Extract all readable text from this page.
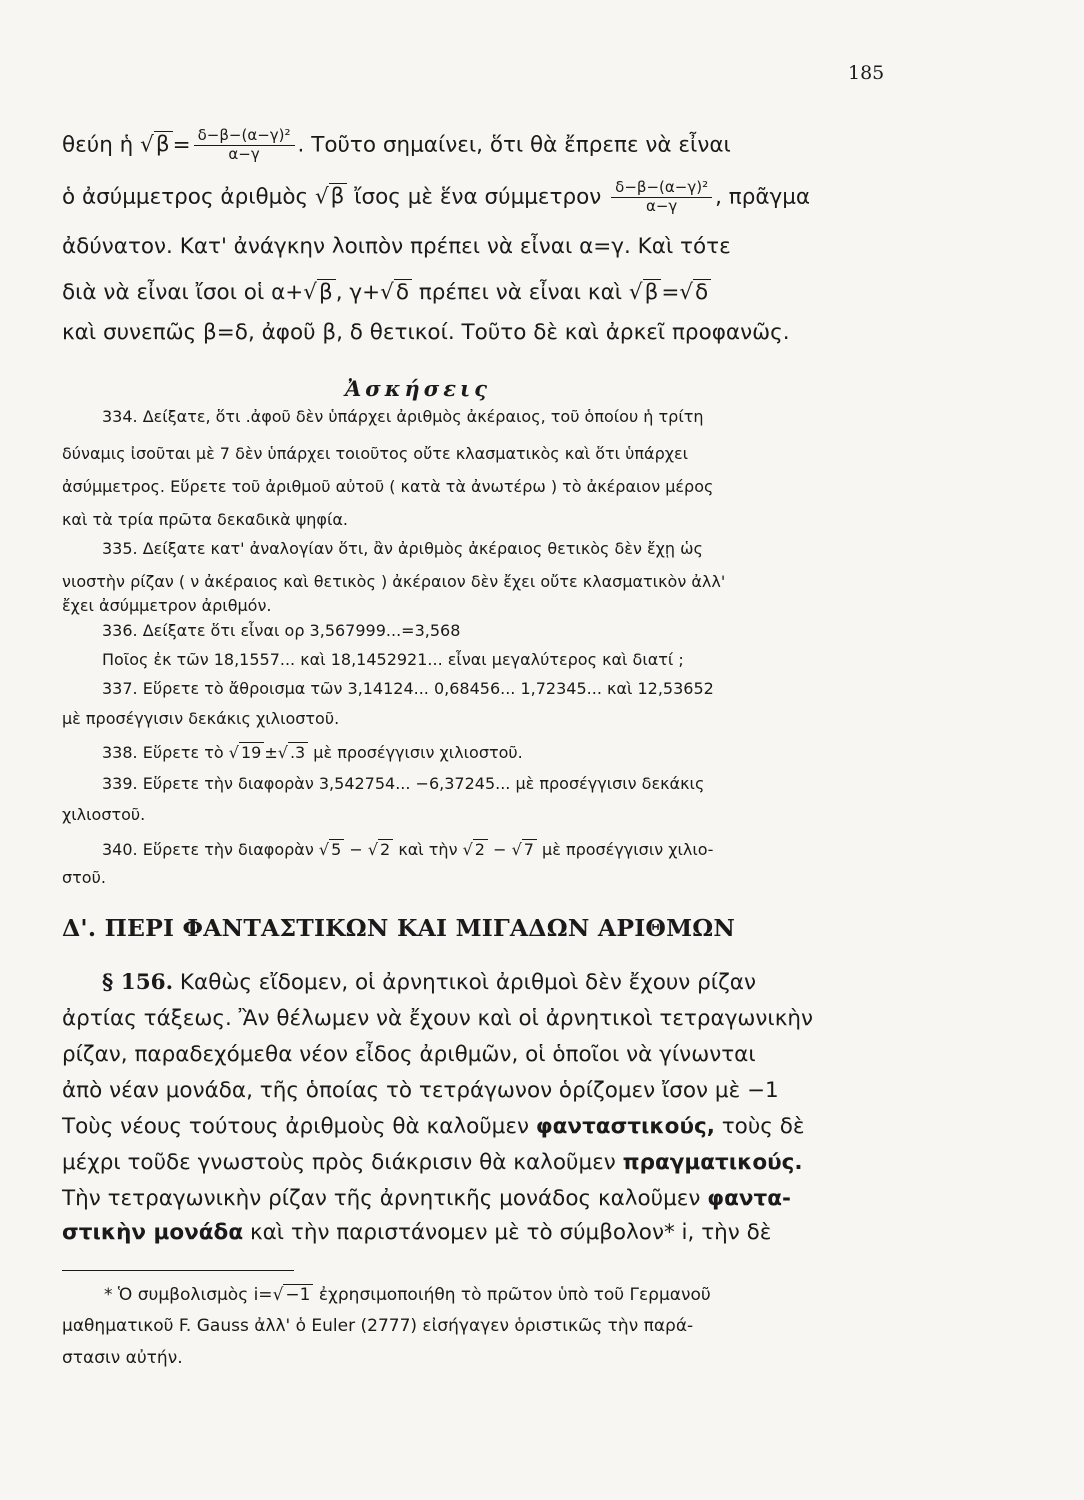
185
θεύη ἡ $√\beta = \frac{\text{δ−β−(α−γ)²}}{\alpha-\gamma}$ . Τοῦτο σημαίνει, ὅτι θὰ ἔπρεπε νὰ εἶναι
ὁ ἀσύμμετρος ἀριθμὸς √β ἴσος μὲ ἕνα σύμμετρον $\frac{\text{δ−β−(α−γ)²}}{\alpha-\gamma}$ , πρᾶγμα
ἀδύνατον. Κατ' ἀνάγκην λοιπὸν πρέπει νὰ εἶναι α=γ. Καὶ τότε
διὰ νὰ εἶναι ἴσοι οἱ α+√β , γ+√δ πρέπει νὰ εἶναι καὶ √β =√δ
καὶ συνεπῶς β=δ, ἀφοῦ β, δ θετικοί. Τοῦτο δὲ καὶ ἀρκεῖ προφανῶς.
Ἀσκήσεις
334. Δείξατε, ὅτι .ἀφοῦ δὲν ὑπάρχει ἀριθμὸς ἀκέραιος, τοῦ ὁποίου ἡ τρίτη
δύναμις ἰσοῦται μὲ 7 δὲν ὑπάρχει τοιοῦτος οὔτε κλασματικὸς καὶ ὅτι ὑπάρχει
ἀσύμμετρος. Εὕρετε τοῦ ἀριθμοῦ αὐτοῦ ( κατὰ τὰ ἀνωτέρω ) τὸ ἀκέραιον μέρος
καὶ τὰ τρία πρῶτα δεκαδικὰ ψηφία.
335. Δείξατε κατ' ἀναλογίαν ὅτι, ἂν ἀριθμὸς ἀκέραιος θετικὸς δὲν ἔχῃ ὡς
νιοστὴν ρίζαν ( ν ἀκέραιος καὶ θετικὸς ) ἀκέραιον δὲν ἔχει οὔτε κλασματικὸν ἀλλ'
ἔχει ἀσύμμετρον ἀριθμόν.
336. Δείξατε ὅτι εἶναι ορ 3,567999...=3,568
Ποῖος ἐκ τῶν 18,1557... καὶ 18,1452921... εἶναι μεγαλύτερος καὶ διατί ;
337. Εὕρετε τὸ ἄθροισμα τῶν 3,14124... 0,68456... 1,72345... καὶ 12,53652
μὲ προσέγγισιν δεκάκις χιλιοστοῦ.
338. Εὕρετε τὸ √ 19 ±√ .3 μὲ προσέγγισιν χιλιοστοῦ.
339. Εὕρετε τὴν διαφορὰν 3,542754... −6,37245... μὲ προσέγγισιν δεκάκις
χιλιοστοῦ.
340. Εὕρετε τὴν διαφορὰν √ 5 − √ 2 καὶ τὴν √ 2 − √ 7 μὲ προσέγγισιν χιλιο-
στοῦ.
Δ'. ΠΕΡΙ ΦΑΝΤΑΣΤΙΚΩΝ ΚΑΙ ΜΙΓΑΔΩΝ ΑΡΙΘΜΩΝ
§ 156. Καθὼς εἴδομεν, οἱ ἀρνητικοὶ ἀριθμοὶ δὲν ἔχουν ρίζαν
ἀρτίας τάξεως. Ἂν θέλωμεν νὰ ἔχουν καὶ οἱ ἀρνητικοὶ τετραγωνικὴν
ρίζαν, παραδεχόμεθα νέον εἶδος ἀριθμῶν, οἱ ὁποῖοι νὰ γίνωνται
ἀπὸ νέαν μονάδα, τῆς ὁποίας τὸ τετράγωνον ὁρίζομεν ἴσον μὲ −1
Τοὺς νέους τούτους ἀριθμοὺς θὰ καλοῦμεν φανταστικούς, τοὺς δὲ
μέχρι τοῦδε γνωστοὺς πρὸς διάκρισιν θὰ καλοῦμεν πραγματικούς.
Τὴν τετραγωνικὴν ρίζαν τῆς ἀρνητικῆς μονάδος καλοῦμεν φαντα-
στικὴν μονάδα καὶ τὴν παριστάνομεν μὲ τὸ σύμβολον* i, τὴν δὲ
* Ὁ συμβολισμὸς i=√ −1 ἐχρησιμοποιήθη τὸ πρῶτον ὑπὸ τοῦ Γερμανοῦ
μαθηματικοῦ F. Gauss ἀλλ' ὁ Euler (2777) εἰσήγαγεν ὁριστικῶς τὴν παρά-
στασιν αὐτήν.
